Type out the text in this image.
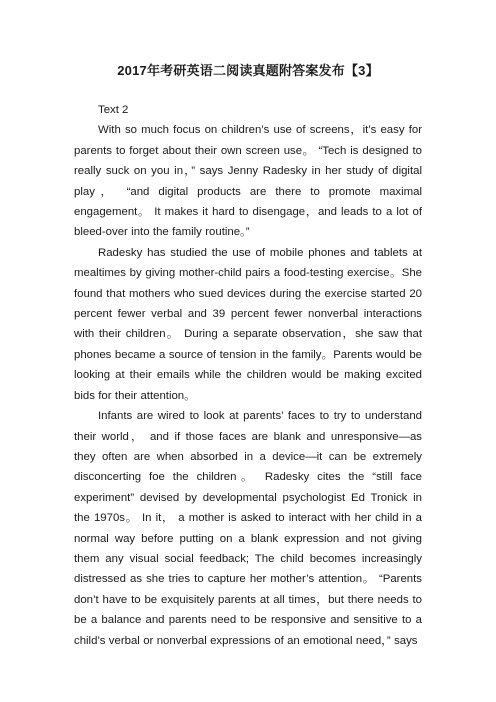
2017年考研英语二阅读真题附答案发布【3】
Text 2

With so much focus on children’s use of screens，it’s easy for parents to forget about their own screen use。 “Tech is designed to really suck on you in，” says Jenny Radesky in her study of digital play， “and digital products are there to promote maximal engagement。 It makes it hard to disengage，and leads to a lot of bleed-over into the family routine。”

Radesky has studied the use of mobile phones and tablets at mealtimes by giving mother-child pairs a food-testing exercise。She found that mothers who sued devices during the exercise started 20 percent fewer verbal and 39 percent fewer nonverbal interactions with their children。 During a separate observation，she saw that phones became a source of tension in the family。Parents would be looking at their emails while the children would be making excited bids for their attention。

Infants are wired to look at parents’ faces to try to understand their world， and if those faces are blank and unresponsive—as they often are when absorbed in a device—it can be extremely disconcerting foe the children。 Radesky cites the “still face experiment” devised by developmental psychologist Ed Tronick in the 1970s。 In it， a mother is asked to interact with her child in a normal way before putting on a blank expression and not giving them any visual social feedback; The child becomes increasingly distressed as she tries to capture her mother’s attention。 “Parents don’t have to be exquisitely parents at all times，but there needs to be a balance and parents need to be responsive and sensitive to a child’s verbal or nonverbal expressions of an emotional need，” says
